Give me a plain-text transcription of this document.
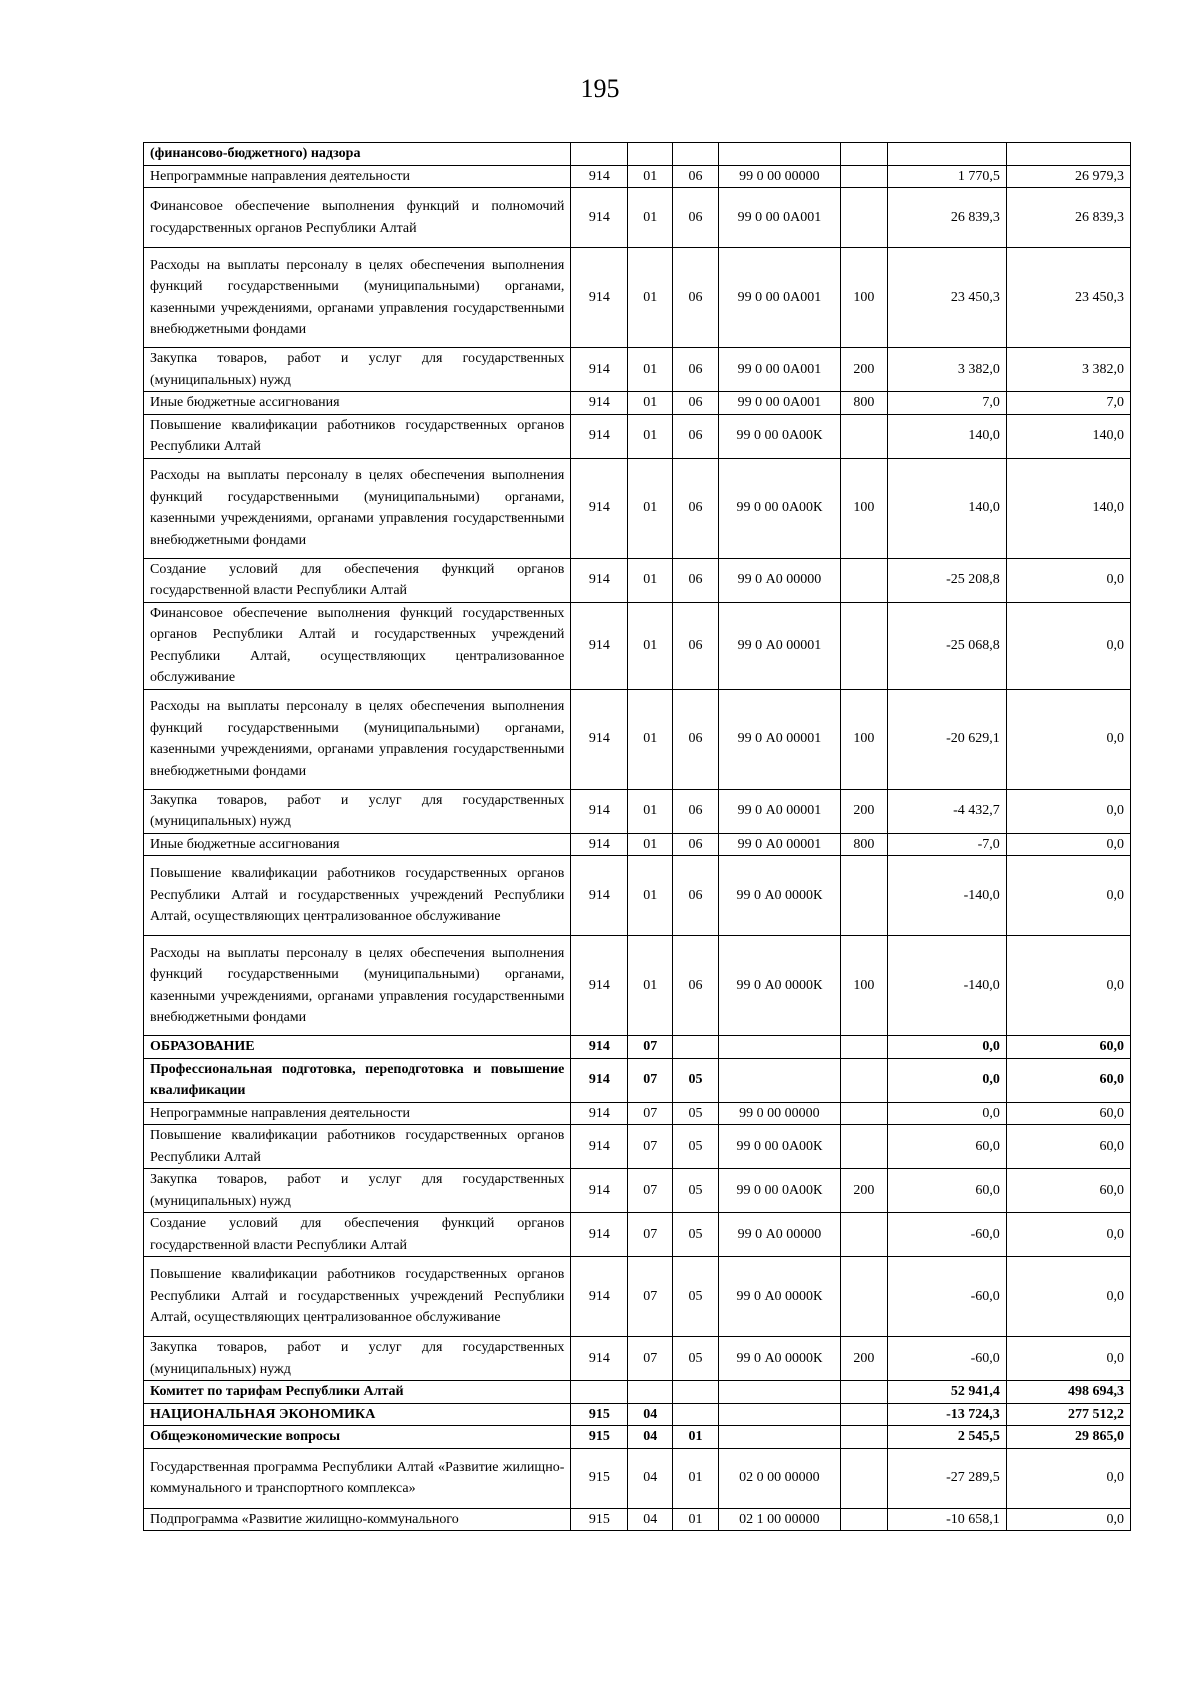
195
(финансово-бюджетного) надзора							
Непрограммные направления деятельности	914	01	06	99 0 00 00000		1 770,5	26 979,3
Финансовое обеспечение выполнения функций и полномочий государственных органов Республики Алтай	914	01	06	99 0 00 0А001		26 839,3	26 839,3
Расходы на выплаты персоналу в целях обеспечения выполнения функций государственными (муниципальными) органами, казенными учреждениями, органами управления государственными внебюджетными фондами	914	01	06	99 0 00 0А001	100	23 450,3	23 450,3
Закупка товаров, работ и услуг для государственных (муниципальных) нужд	914	01	06	99 0 00 0А001	200	3 382,0	3 382,0
Иные бюджетные ассигнования	914	01	06	99 0 00 0А001	800	7,0	7,0
Повышение квалификации работников государственных органов Республики Алтай	914	01	06	99 0 00 0А00К		140,0	140,0
Расходы на выплаты персоналу в целях обеспечения выполнения функций государственными (муниципальными) органами, казенными учреждениями, органами управления государственными внебюджетными фондами	914	01	06	99 0 00 0А00К	100	140,0	140,0
Создание условий для обеспечения функций органов государственной власти Республики Алтай	914	01	06	99 0 А0 00000		-25 208,8	0,0
Финансовое обеспечение выполнения функций государственных органов Республики Алтай и государственных учреждений Республики Алтай, осуществляющих централизованное обслуживание	914	01	06	99 0 А0 00001		-25 068,8	0,0
Расходы на выплаты персоналу в целях обеспечения выполнения функций государственными (муниципальными) органами, казенными учреждениями, органами управления государственными внебюджетными фондами	914	01	06	99 0 А0 00001	100	-20 629,1	0,0
Закупка товаров, работ и услуг для государственных (муниципальных) нужд	914	01	06	99 0 А0 00001	200	-4 432,7	0,0
Иные бюджетные ассигнования	914	01	06	99 0 А0 00001	800	-7,0	0,0
Повышение квалификации работников государственных органов Республики Алтай и государственных учреждений Республики Алтай, осуществляющих централизованное обслуживание	914	01	06	99 0 А0 0000К		-140,0	0,0
Расходы на выплаты персоналу в целях обеспечения выполнения функций государственными (муниципальными) органами, казенными учреждениями, органами управления государственными внебюджетными фондами	914	01	06	99 0 А0 0000К	100	-140,0	0,0
ОБРАЗОВАНИЕ	914	07				0,0	60,0
Профессиональная подготовка, переподготовка и повышение квалификации	914	07	05			0,0	60,0
Непрограммные направления деятельности	914	07	05	99 0 00 00000		0,0	60,0
Повышение квалификации работников государственных органов Республики Алтай	914	07	05	99 0 00 0А00К		60,0	60,0
Закупка товаров, работ и услуг для государственных (муниципальных) нужд	914	07	05	99 0 00 0А00К	200	60,0	60,0
Создание условий для обеспечения функций органов государственной власти Республики Алтай	914	07	05	99 0 А0 00000		-60,0	0,0
Повышение квалификации работников государственных органов Республики Алтай и государственных учреждений Республики Алтай, осуществляющих централизованное обслуживание	914	07	05	99 0 А0 0000К		-60,0	0,0
Закупка товаров, работ и услуг для государственных (муниципальных) нужд	914	07	05	99 0 А0 0000К	200	-60,0	0,0
Комитет по тарифам Республики Алтай						52 941,4	498 694,3
НАЦИОНАЛЬНАЯ ЭКОНОМИКА	915	04				-13 724,3	277 512,2
Общеэкономические вопросы	915	04	01			2 545,5	29 865,0
Государственная программа Республики Алтай «Развитие жилищно-коммунального и транспортного комплекса»	915	04	01	02 0 00 00000		-27 289,5	0,0
Подпрограмма «Развитие жилищно-коммунального	915	04	01	02 1 00 00000		-10 658,1	0,0
